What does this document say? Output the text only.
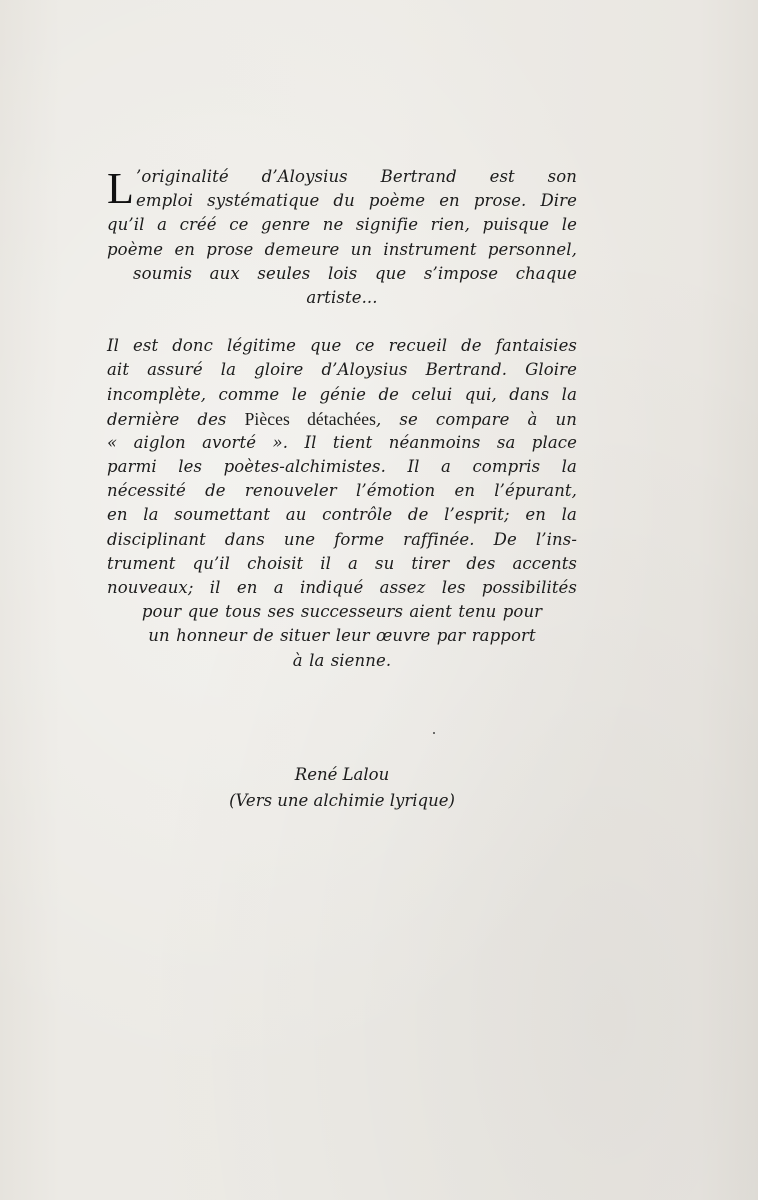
L ’originalité d’Aloysius Bertrand est son
emploi systématique du poème en prose. Dire
qu’il a créé ce genre ne signifie rien, puisque le
poème en prose demeure un instrument personnel,
soumis aux seules lois que s’impose chaque
artiste...
Il est donc légitime que ce recueil de fantaisies
ait assuré la gloire d’Aloysius Bertrand. Gloire
incomplète, comme le génie de celui qui, dans la
dernière des Pièces détachées, se compare à un
« aiglon avorté ». Il tient néanmoins sa place
parmi les poètes-alchimistes. Il a compris la
nécessité de renouveler l’émotion en l’épurant,
en la soumettant au contrôle de l’esprit; en la
disciplinant dans une forme raffinée. De l’ins-
trument qu’il choisit il a su tirer des accents
nouveaux; il en a indiqué assez les possibilités
pour que tous ses successeurs aient tenu pour
un honneur de situer leur œuvre par rapport
à la sienne.
René Lalou
(Vers une alchimie lyrique)
